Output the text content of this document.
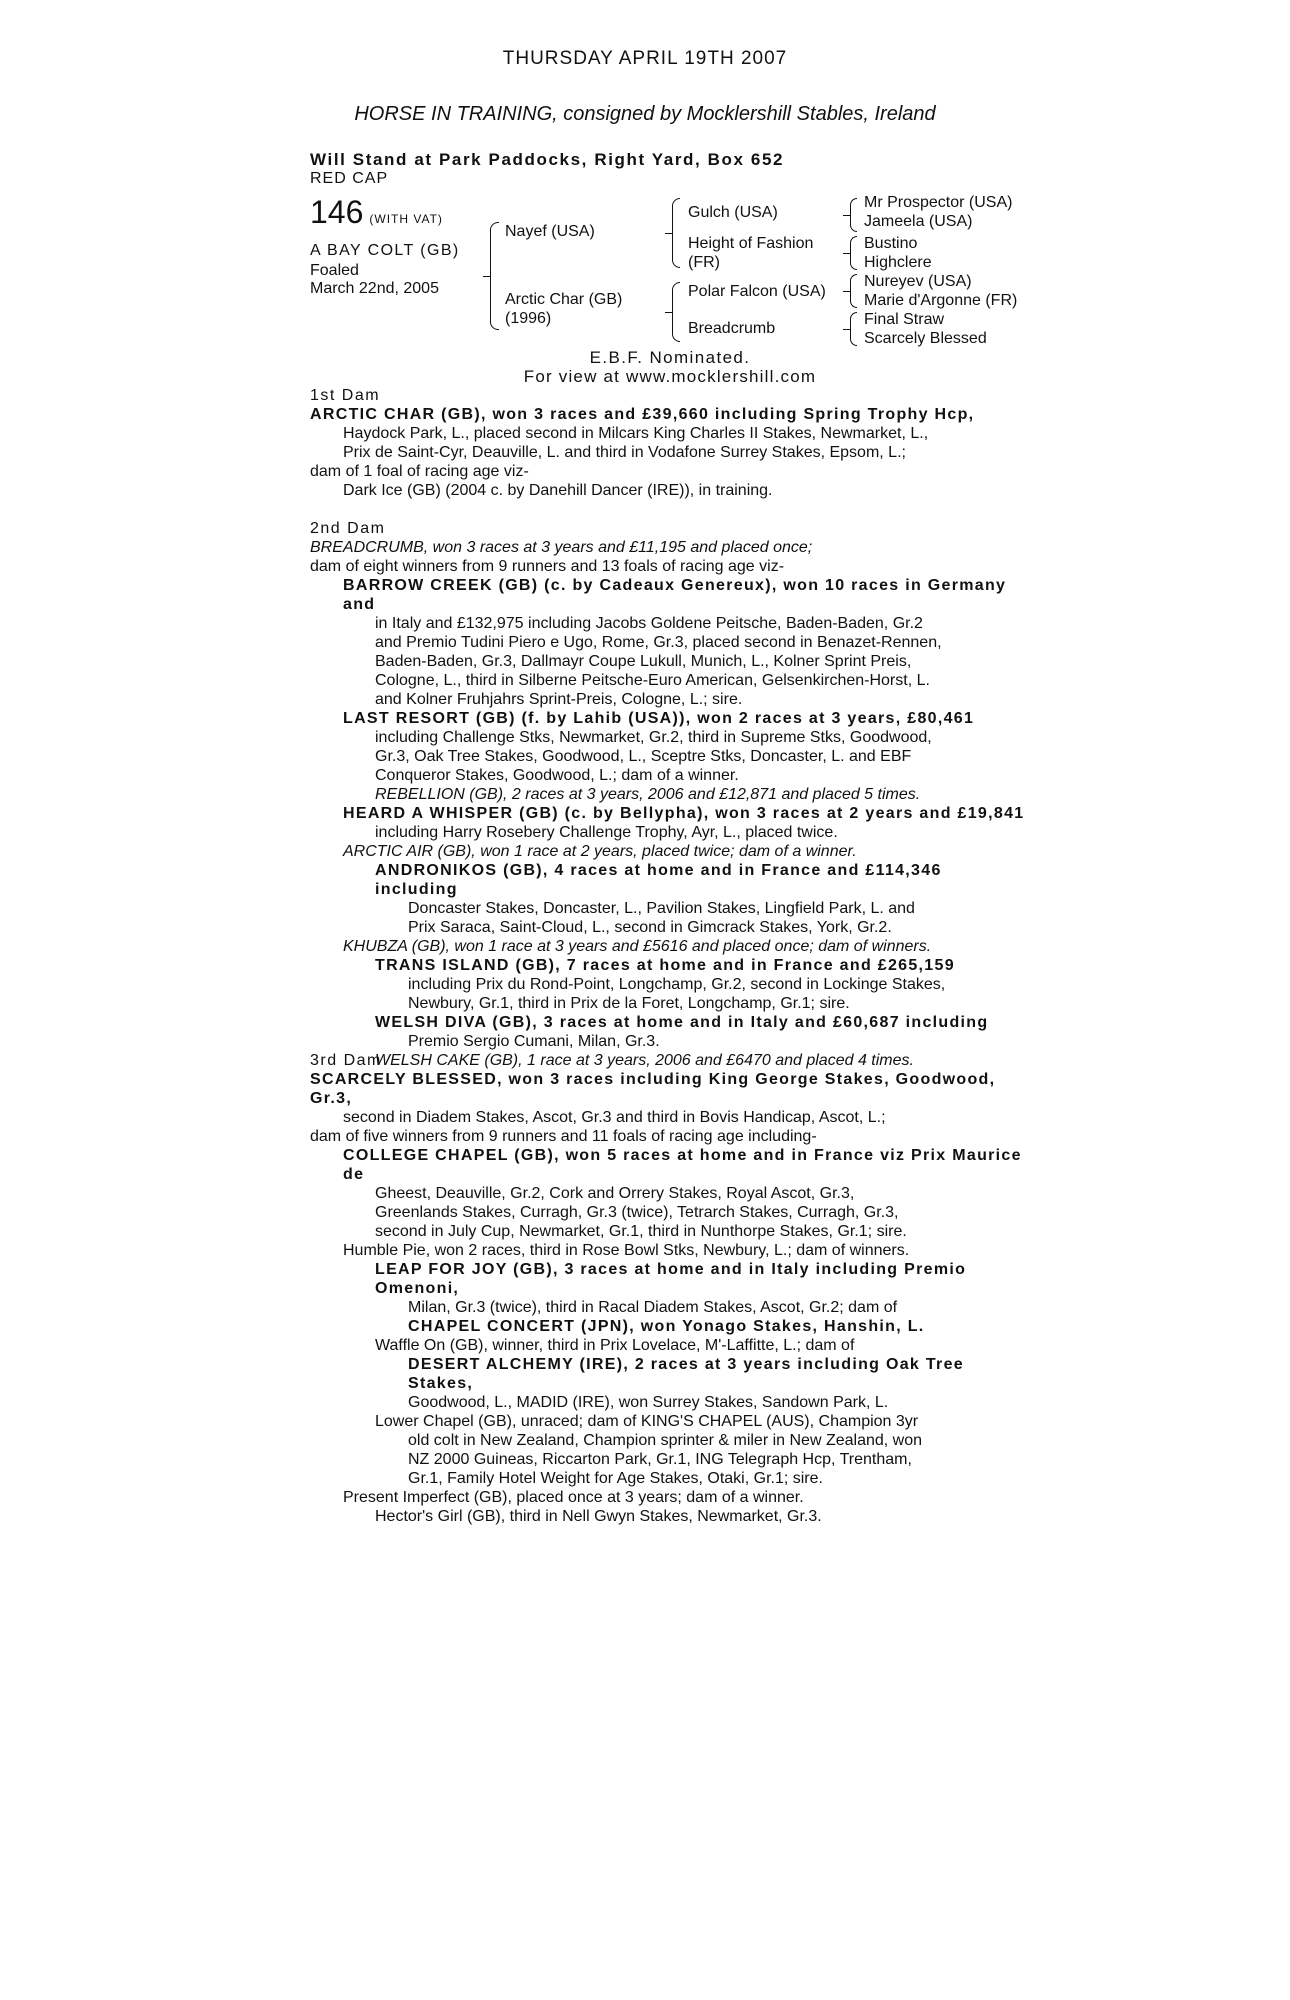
THURSDAY APRIL 19TH 2007
HORSE IN TRAINING, consigned by Mocklershill Stables, Ireland
Will Stand at Park Paddocks, Right Yard, Box 652
RED CAP
146 (WITH VAT)
A BAY COLT (GB)
Foaled
March 22nd, 2005
Nayef (USA)
Arctic Char (GB)
(1996)
Gulch (USA)
Height of Fashion
(FR)
Polar Falcon (USA)
Breadcrumb
Mr Prospector (USA)
Jameela (USA)
Bustino
Highclere
Nureyev (USA)
Marie d'Argonne (FR)
Final Straw
Scarcely Blessed
E.B.F. Nominated.
For view at www.mocklershill.com
1st Dam
ARCTIC CHAR (GB), won 3 races and £39,660 including Spring Trophy Hcp,
Haydock Park, L., placed second in Milcars King Charles II Stakes, Newmarket, L.,
Prix de Saint-Cyr, Deauville, L. and third in Vodafone Surrey Stakes, Epsom, L.;
dam of 1 foal of racing age viz-
Dark Ice (GB) (2004 c. by Danehill Dancer (IRE)), in training.
2nd Dam
BREADCRUMB, won 3 races at 3 years and £11,195 and placed once;
dam of eight winners from 9 runners and 13 foals of racing age viz-
BARROW CREEK (GB) (c. by Cadeaux Genereux), won 10 races in Germany and
in Italy and £132,975 including Jacobs Goldene Peitsche, Baden-Baden, Gr.2
and Premio Tudini Piero e Ugo, Rome, Gr.3, placed second in Benazet-Rennen,
Baden-Baden, Gr.3, Dallmayr Coupe Lukull, Munich, L., Kolner Sprint Preis,
Cologne, L., third in Silberne Peitsche-Euro American, Gelsenkirchen-Horst, L.
and Kolner Fruhjahrs Sprint-Preis, Cologne, L.; sire.
LAST RESORT (GB) (f. by Lahib (USA)), won 2 races at 3 years, £80,461
including Challenge Stks, Newmarket, Gr.2, third in Supreme Stks, Goodwood,
Gr.3, Oak Tree Stakes, Goodwood, L., Sceptre Stks, Doncaster, L. and EBF
Conqueror Stakes, Goodwood, L.; dam of a winner.
REBELLION (GB), 2 races at 3 years, 2006 and £12,871 and placed 5 times.
HEARD A WHISPER (GB) (c. by Bellypha), won 3 races at 2 years and £19,841
including Harry Rosebery Challenge Trophy, Ayr, L., placed twice.
ARCTIC AIR (GB), won 1 race at 2 years, placed twice; dam of a winner.
ANDRONIKOS (GB), 4 races at home and in France and £114,346 including
Doncaster Stakes, Doncaster, L., Pavilion Stakes, Lingfield Park, L. and
Prix Saraca, Saint-Cloud, L., second in Gimcrack Stakes, York, Gr.2.
KHUBZA (GB), won 1 race at 3 years and £5616 and placed once; dam of winners.
TRANS ISLAND (GB), 7 races at home and in France and £265,159
including Prix du Rond-Point, Longchamp, Gr.2, second in Lockinge Stakes,
Newbury, Gr.1, third in Prix de la Foret, Longchamp, Gr.1; sire.
WELSH DIVA (GB), 3 races at home and in Italy and £60,687 including
Premio Sergio Cumani, Milan, Gr.3.
WELSH CAKE (GB), 1 race at 3 years, 2006 and £6470 and placed 4 times.
3rd Dam
SCARCELY BLESSED, won 3 races including King George Stakes, Goodwood, Gr.3,
second in Diadem Stakes, Ascot, Gr.3 and third in Bovis Handicap, Ascot, L.;
dam of five winners from 9 runners and 11 foals of racing age including-
COLLEGE CHAPEL (GB), won 5 races at home and in France viz Prix Maurice de
Gheest, Deauville, Gr.2, Cork and Orrery Stakes, Royal Ascot, Gr.3,
Greenlands Stakes, Curragh, Gr.3 (twice), Tetrarch Stakes, Curragh, Gr.3,
second in July Cup, Newmarket, Gr.1, third in Nunthorpe Stakes, Gr.1; sire.
Humble Pie, won 2 races, third in Rose Bowl Stks, Newbury, L.; dam of winners.
LEAP FOR JOY (GB), 3 races at home and in Italy including Premio Omenoni,
Milan, Gr.3 (twice), third in Racal Diadem Stakes, Ascot, Gr.2; dam of
CHAPEL CONCERT (JPN), won Yonago Stakes, Hanshin, L.
Waffle On (GB), winner, third in Prix Lovelace, M'-Laffitte, L.; dam of
DESERT ALCHEMY (IRE), 2 races at 3 years including Oak Tree Stakes,
Goodwood, L., MADID (IRE), won Surrey Stakes, Sandown Park, L.
Lower Chapel (GB), unraced; dam of KING'S CHAPEL (AUS), Champion 3yr
old colt in New Zealand, Champion sprinter & miler in New Zealand, won
NZ 2000 Guineas, Riccarton Park, Gr.1, ING Telegraph Hcp, Trentham,
Gr.1, Family Hotel Weight for Age Stakes, Otaki, Gr.1; sire.
Present Imperfect (GB), placed once at 3 years; dam of a winner.
Hector's Girl (GB), third in Nell Gwyn Stakes, Newmarket, Gr.3.
